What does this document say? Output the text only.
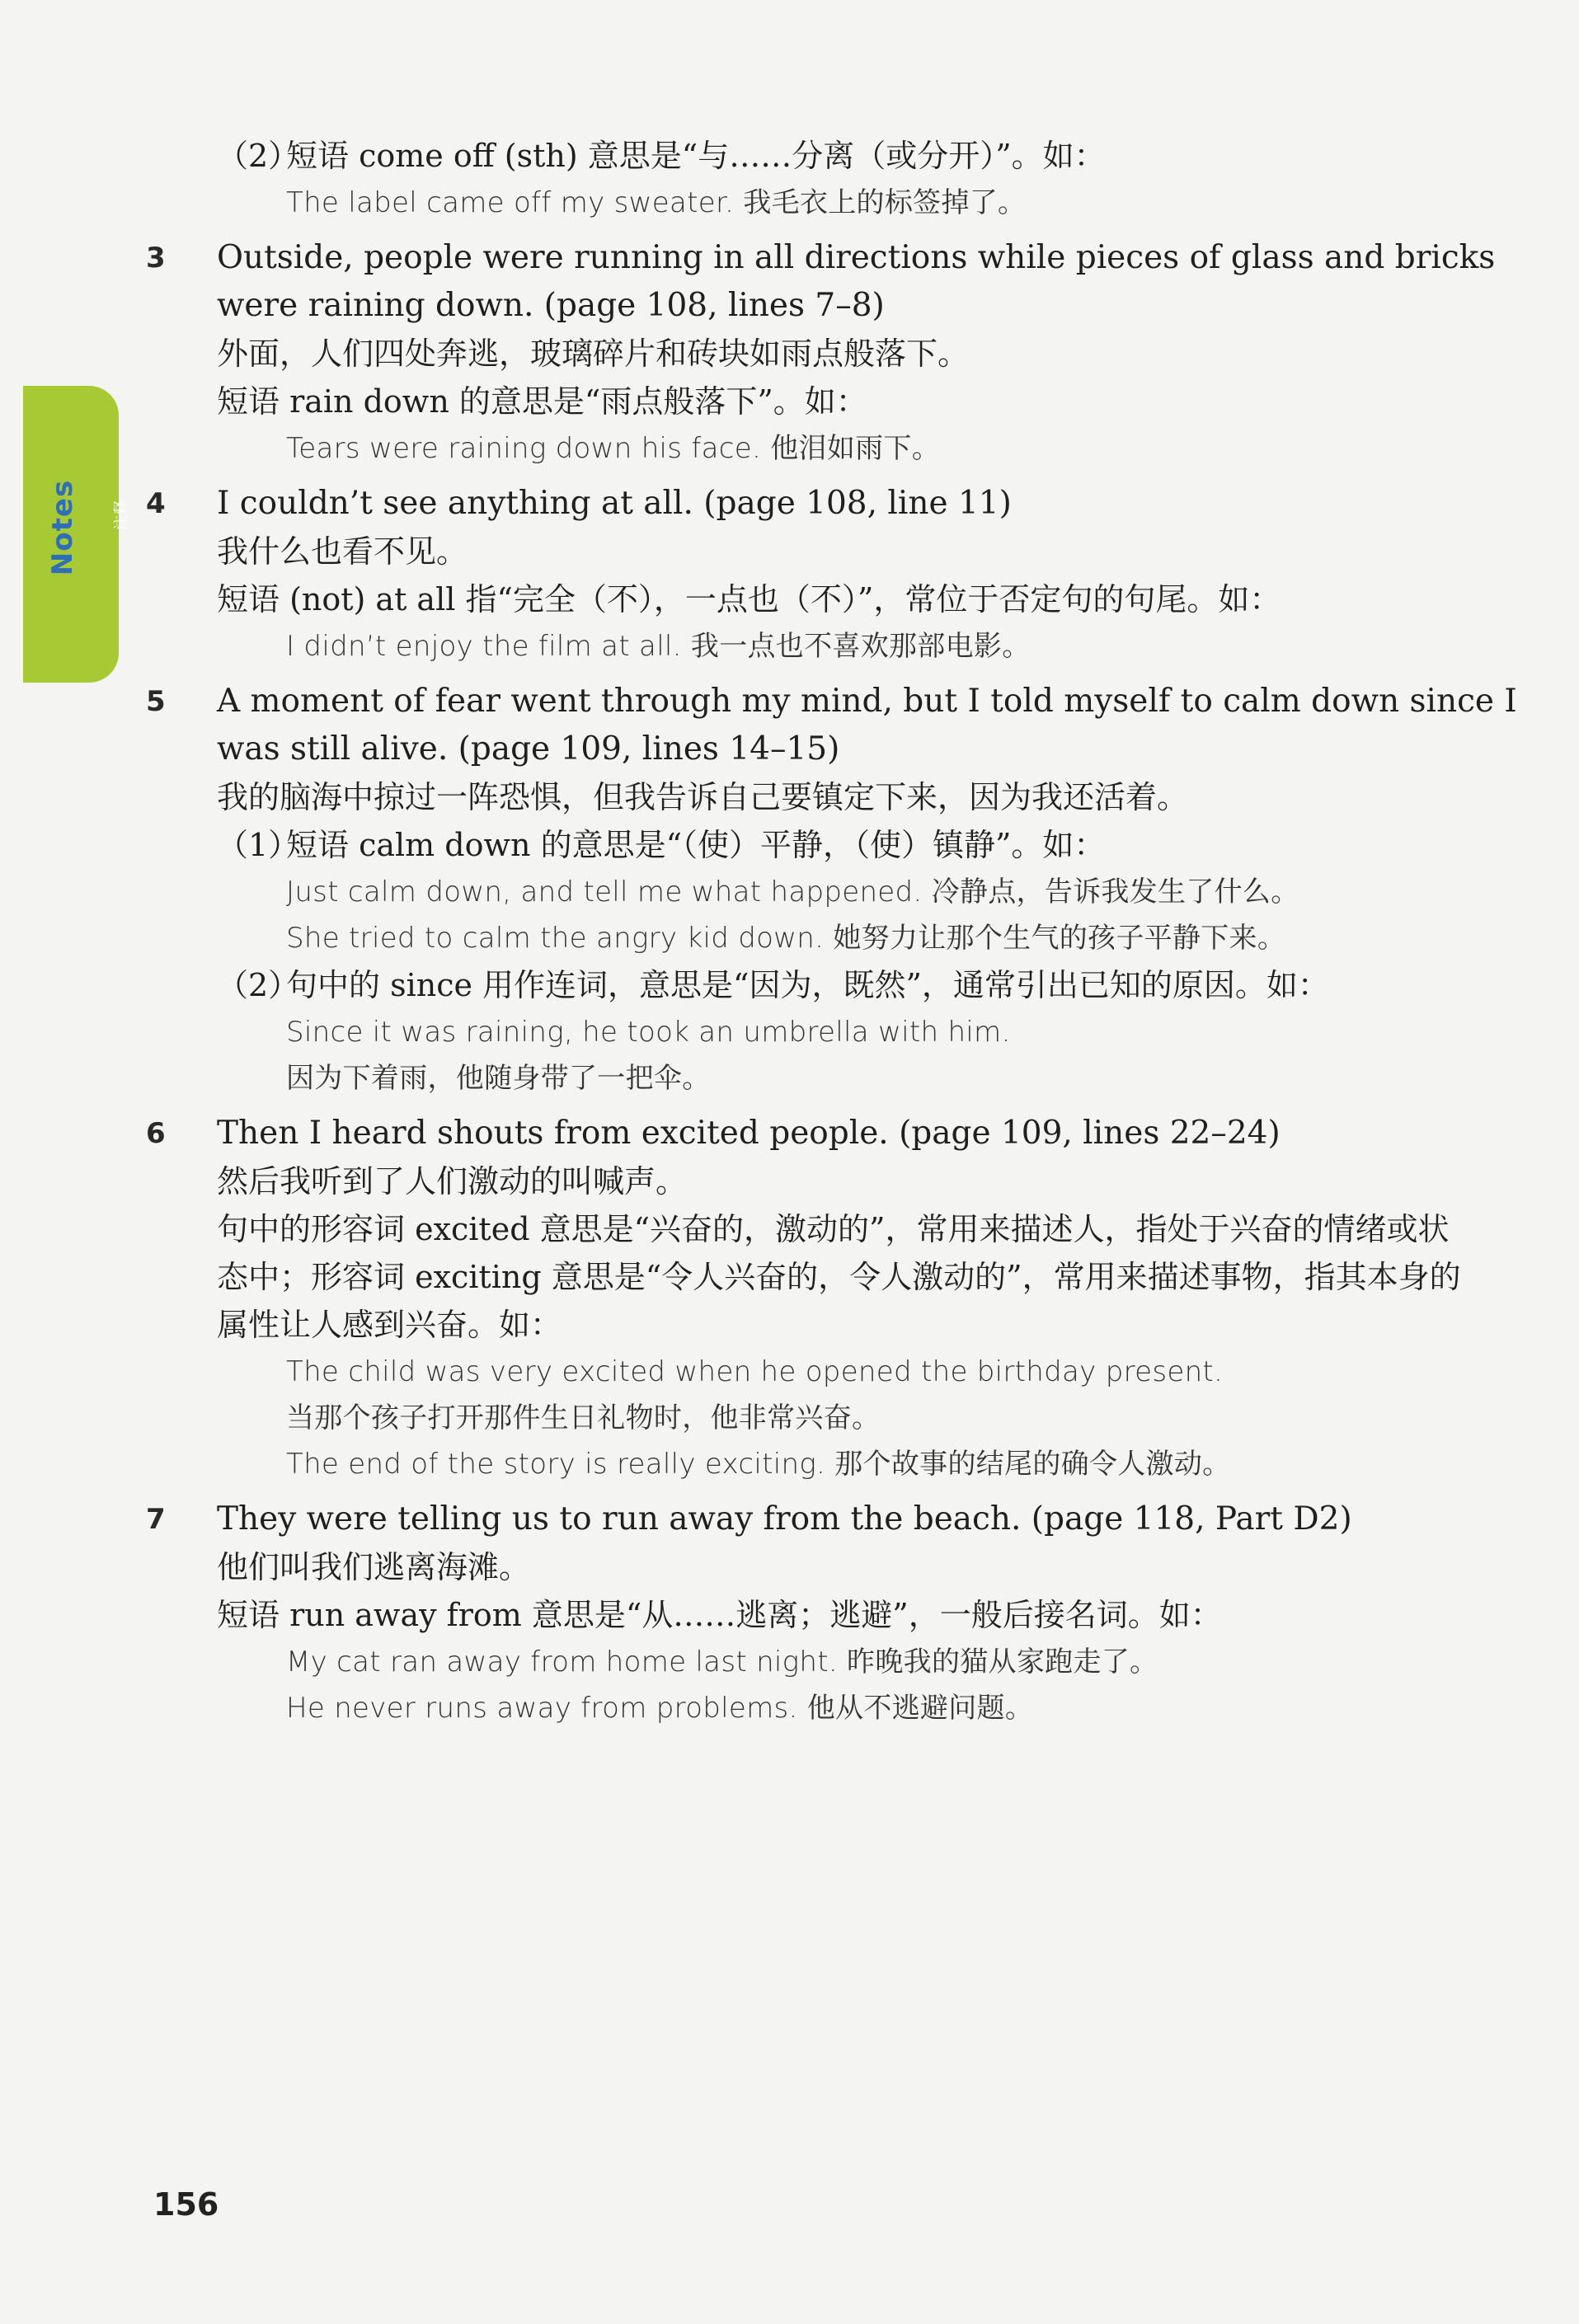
Notes 注释
（2）短语 come off (sth) 意思是“与……分离（或分开）”。如：
The label came off my sweater. 我毛衣上的标签掉了。
3 Outside, people were running in all directions while pieces of glass and bricks
were raining down. (page 108, lines 7–8)
外面，人们四处奔逃，玻璃碎片和砖块如雨点般落下。
短语 rain down 的意思是“雨点般落下”。如：
Tears were raining down his face. 他泪如雨下。
4 I couldn’t see anything at all. (page 108, line 11)
我什么也看不见。
短语 (not) at all 指“完全（不），一点也（不）”，常位于否定句的句尾。如：
I didn’t enjoy the film at all. 我一点也不喜欢那部电影。
5 A moment of fear went through my mind, but I told myself to calm down since I
was still alive. (page 109, lines 14–15)
我的脑海中掠过一阵恐惧，但我告诉自己要镇定下来，因为我还活着。
（1）短语 calm down 的意思是“（使）平静，（使）镇静”。如：
Just calm down, and tell me what happened. 冷静点，告诉我发生了什么。
She tried to calm the angry kid down. 她努力让那个生气的孩子平静下来。
（2）句中的 since 用作连词，意思是“因为，既然”，通常引出已知的原因。如：
Since it was raining, he took an umbrella with him.
因为下着雨，他随身带了一把伞。
6 Then I heard shouts from excited people. (page 109, lines 22–24)
然后我听到了人们激动的叫喊声。
句中的形容词 excited 意思是“兴奋的，激动的”，常用来描述人，指处于兴奋的情绪或状
态中；形容词 exciting 意思是“令人兴奋的，令人激动的”，常用来描述事物，指其本身的
属性让人感到兴奋。如：
The child was very excited when he opened the birthday present.
当那个孩子打开那件生日礼物时，他非常兴奋。
The end of the story is really exciting. 那个故事的结尾的确令人激动。
7 They were telling us to run away from the beach. (page 118, Part D2)
他们叫我们逃离海滩。
短语 run away from 意思是“从……逃离；逃避”，一般后接名词。如：
My cat ran away from home last night. 昨晚我的猫从家跑走了。
He never runs away from problems. 他从不逃避问题。
156
